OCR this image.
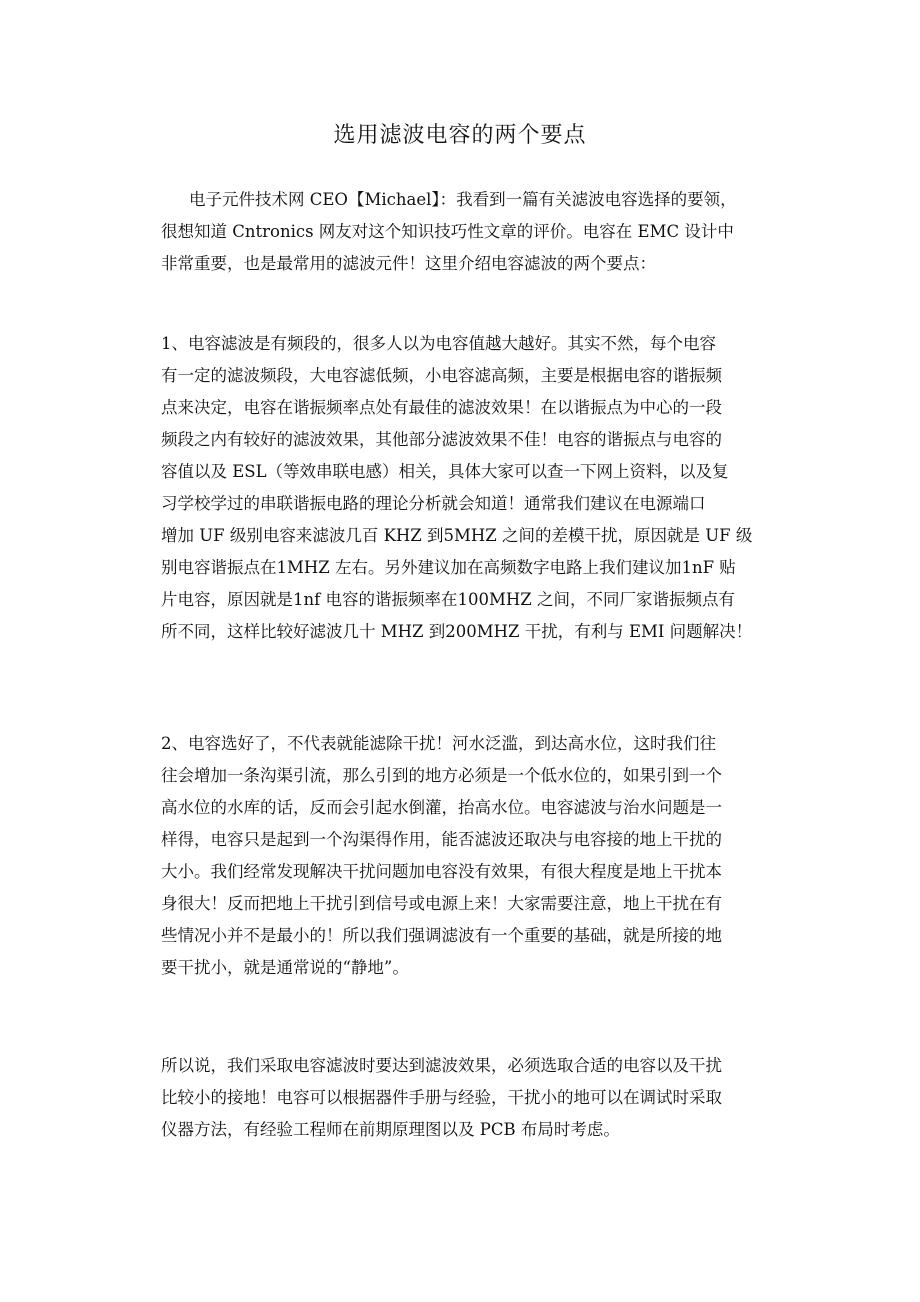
选用滤波电容的两个要点

电子元件技术网 CEO【Michael】：我看到一篇有关滤波电容选择的要领，
很想知道 Cntronics 网友对这个知识技巧性文章的评价。电容在 EMC 设计中
非常重要，也是最常用的滤波元件！这里介绍电容滤波的两个要点：

1、电容滤波是有频段的，很多人以为电容值越大越好。其实不然，每个电容
有一定的滤波频段，大电容滤低频，小电容滤高频，主要是根据电容的谐振频
点来决定，电容在谐振频率点处有最佳的滤波效果！在以谐振点为中心的一段
频段之内有较好的滤波效果，其他部分滤波效果不佳！电容的谐振点与电容的
容值以及 ESL（等效串联电感）相关，具体大家可以查一下网上资料，以及复
习学校学过的串联谐振电路的理论分析就会知道！通常我们建议在电源端口
增加 UF 级别电容来滤波几百 KHZ 到5MHZ 之间的差模干扰，原因就是 UF 级
别电容谐振点在1MHZ 左右。另外建议加在高频数字电路上我们建议加1nF 贴
片电容，原因就是1nf 电容的谐振频率在100MHZ 之间，不同厂家谐振频点有
所不同，这样比较好滤波几十 MHZ 到200MHZ 干扰，有利与 EMI 问题解决！

2、电容选好了，不代表就能滤除干扰！河水泛滥，到达高水位，这时我们往
往会增加一条沟渠引流，那么引到的地方必须是一个低水位的，如果引到一个
高水位的水库的话，反而会引起水倒灌，抬高水位。电容滤波与治水问题是一
样得，电容只是起到一个沟渠得作用，能否滤波还取决与电容接的地上干扰的
大小。我们经常发现解决干扰问题加电容没有效果，有很大程度是地上干扰本
身很大！反而把地上干扰引到信号或电源上来！大家需要注意，地上干扰在有
些情况小并不是最小的！所以我们强调滤波有一个重要的基础，就是所接的地
要干扰小，就是通常说的“静地”。

所以说，我们采取电容滤波时要达到滤波效果，必须选取合适的电容以及干扰
比较小的接地！电容可以根据器件手册与经验，干扰小的地可以在调试时采取
仪器方法，有经验工程师在前期原理图以及 PCB 布局时考虑。
